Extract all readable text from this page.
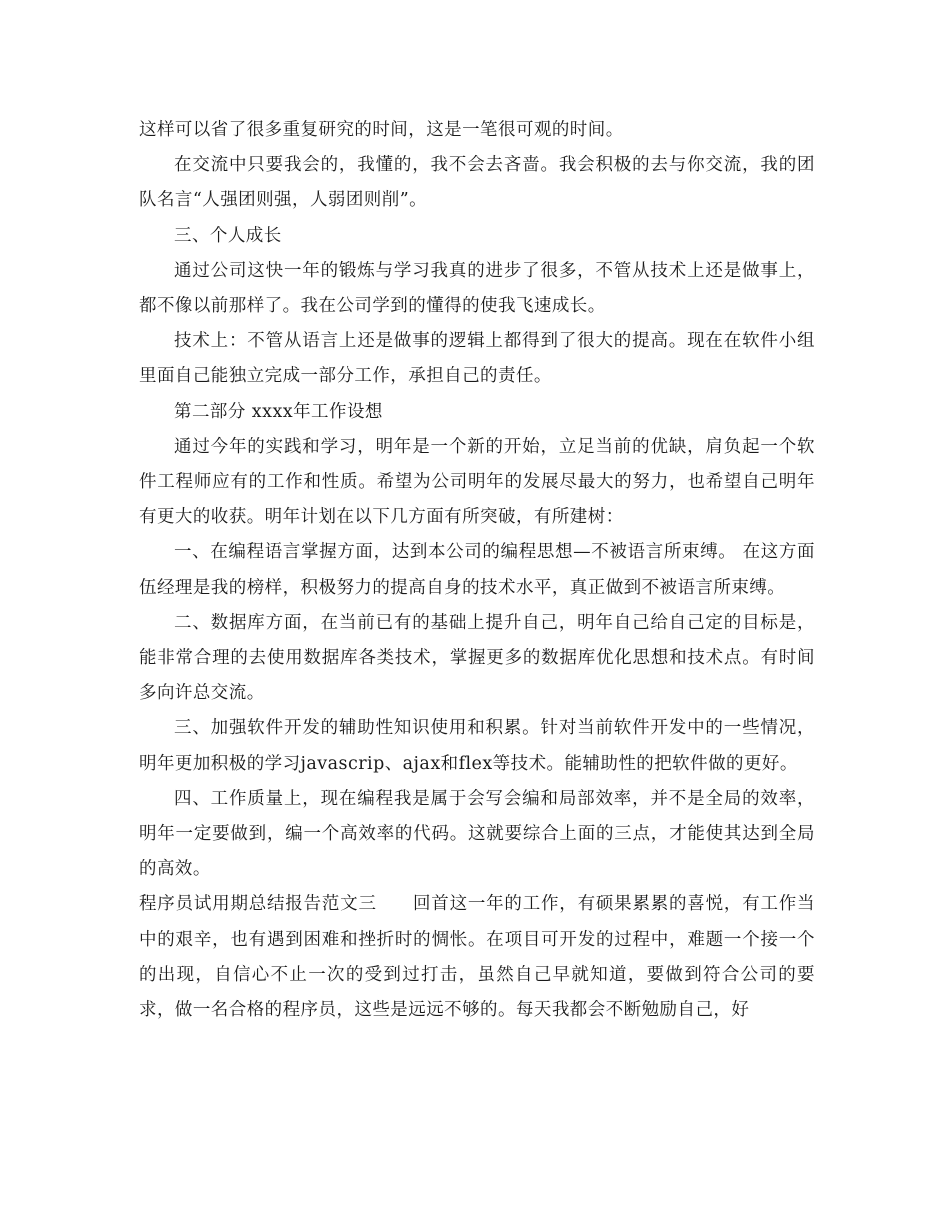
这样可以省了很多重复研究的时间，这是一笔很可观的时间。

在交流中只要我会的，我懂的，我不会去吝啬。我会积极的去与你交流，我的团队名言“人强团则强，人弱团则削”。

三、个人成长

通过公司这快一年的锻炼与学习我真的进步了很多，不管从技术上还是做事上，都不像以前那样了。我在公司学到的懂得的使我飞速成长。

技术上：不管从语言上还是做事的逻辑上都得到了很大的提高。现在在软件小组里面自己能独立完成一部分工作，承担自己的责任。

第二部分 xxxx年工作设想

通过今年的实践和学习，明年是一个新的开始，立足当前的优缺，肩负起一个软件工程师应有的工作和性质。希望为公司明年的发展尽最大的努力，也希望自己明年有更大的收获。明年计划在以下几方面有所突破，有所建树：

一、在编程语言掌握方面，达到本公司的编程思想—不被语言所束缚。 在这方面伍经理是我的榜样，积极努力的提高自身的技术水平，真正做到不被语言所束缚。

二、数据库方面，在当前已有的基础上提升自己，明年自己给自己定的目标是，能非常合理的去使用数据库各类技术，掌握更多的数据库优化思想和技术点。有时间多向许总交流。

三、加强软件开发的辅助性知识使用和积累。针对当前软件开发中的一些情况，明年更加积极的学习javascrip、ajax和flex等技术。能辅助性的把软件做的更好。

四、工作质量上，现在编程我是属于会写会编和局部效率，并不是全局的效率，明年一定要做到，编一个高效率的代码。这就要综合上面的三点，才能使其达到全局的高效。

程序员试用期总结报告范文三   回首这一年的工作，有硕果累累的喜悦，有工作当中的艰辛，也有遇到困难和挫折时的惆怅。在项目可开发的过程中，难题一个接一个的出现，自信心不止一次的受到过打击，虽然自己早就知道，要做到符合公司的要求，做一名合格的程序员，这些是远远不够的。每天我都会不断勉励自己，好
